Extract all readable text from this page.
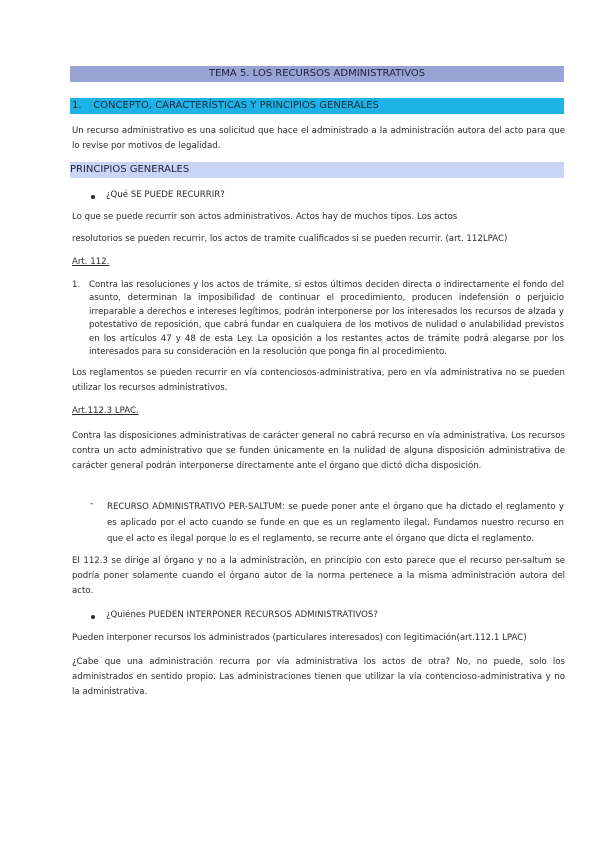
TEMA 5. LOS RECURSOS ADMINISTRATIVOS
1. CONCEPTO, CARACTERÍSTICAS Y PRINCIPIOS GENERALES
Un recurso administrativo es una solicitud que hace el administrado a la administración autora del acto para que lo revise por motivos de legalidad.
PRINCIPIOS GENERALES
¿Qué SE PUEDE RECURRIR?
Lo que se puede recurrir son actos administrativos. Actos hay de muchos tipos. Los actos
resolutorios se pueden recurrir, los actos de tramite cualificados si se pueden recurrir. (art. 112LPAC)
Art. 112.
1. Contra las resoluciones y los actos de trámite, si estos últimos deciden directa o indirectamente el fondo del asunto, determinan la imposibilidad de continuar el procedimiento, producen indefensión o perjuicio irreparable a derechos e intereses legítimos, podrán interponerse por los interesados los recursos de alzada y potestativo de reposición, que cabrá fundar en cualquiera de los motivos de nulidad o anulabilidad previstos en los artículos 47 y 48 de esta Ley. La oposición a los restantes actos de trámite podrá alegarse por los interesados para su consideración en la resolución que ponga fin al procedimiento.
Los reglamentos se pueden recurrir en vía contenciosos-administrativa, pero en vía administrativa no se pueden utilizar los recursos administrativos.
Art.112.3 LPAC.
Contra las disposiciones administrativas de carácter general no cabrá recurso en vía administrativa. Los recursos contra un acto administrativo que se funden únicamente en la nulidad de alguna disposición administrativa de carácter general podrán interponerse directamente ante el órgano que dictó dicha disposición.
- RECURSO ADMINISTRATIVO PER-SALTUM: se puede poner ante el órgano que ha dictado el reglamento y es aplicado por el acto cuando se funde en que es un reglamento ilegal. Fundamos nuestro recurso en que el acto es ilegal porque lo es el reglamento, se recurre ante el órgano que dicta el reglamento.
El 112.3 se dirige al órgano y no a la administración, en principio con esto parece que el recurso per-saltum se podría poner solamente cuando el órgano autor de la norma pertenece a la misma administración autora del acto.
¿Quiénes PUEDEN INTERPONER RECURSOS ADMINISTRATIVOS?
Pueden interponer recursos los administrados (particulares interesados) con legitimación(art.112.1 LPAC)
¿Cabe que una administración recurra por vía administrativa los actos de otra? No, no puede, solo los administrados en sentido propio. Las administraciones tienen que utilizar la vía contencioso-administrativa y no la administrativa.
